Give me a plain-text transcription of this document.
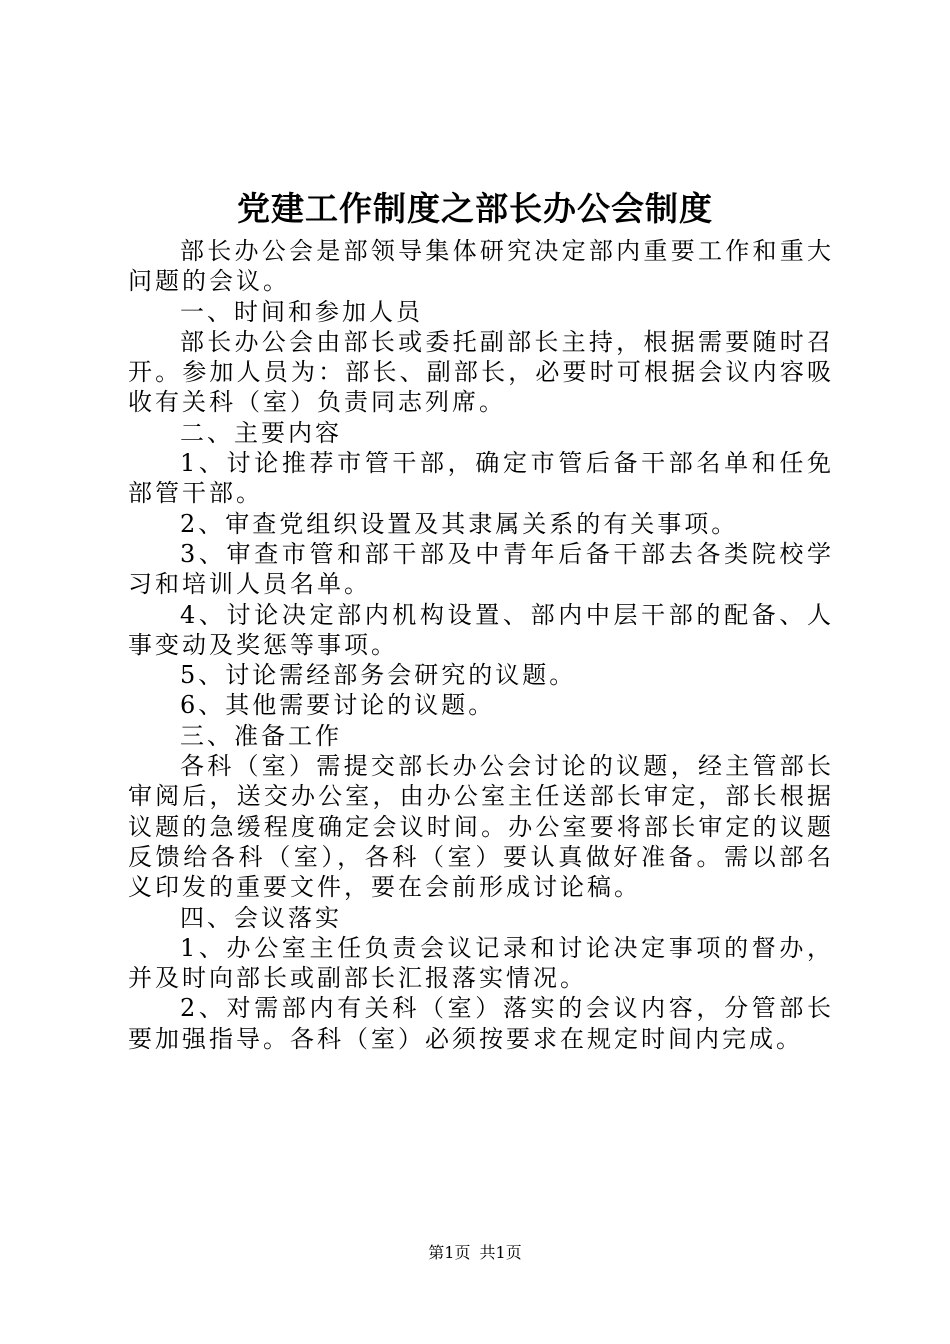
党建工作制度之部长办公会制度

部长办公会是部领导集体研究决定部内重要工作和重大问题的会议。

一、时间和参加人员

部长办公会由部长或委托副部长主持，根据需要随时召开。参加人员为：部长、副部长，必要时可根据会议内容吸收有关科（室）负责同志列席。

二、主要内容

1、讨论推荐市管干部，确定市管后备干部名单和任免部管干部。

2、审查党组织设置及其隶属关系的有关事项。

3、审查市管和部干部及中青年后备干部去各类院校学习和培训人员名单。

4、讨论决定部内机构设置、部内中层干部的配备、人事变动及奖惩等事项。

5、讨论需经部务会研究的议题。

6、其他需要讨论的议题。

三、准备工作

各科（室）需提交部长办公会讨论的议题，经主管部长审阅后，送交办公室，由办公室主任送部长审定，部长根据议题的急缓程度确定会议时间。办公室要将部长审定的议题反馈给各科（室），各科（室）要认真做好准备。需以部名义印发的重要文件，要在会前形成讨论稿。

四、会议落实

1、办公室主任负责会议记录和讨论决定事项的督办，并及时向部长或副部长汇报落实情况。

2、对需部内有关科（室）落实的会议内容，分管部长要加强指导。各科（室）必须按要求在规定时间内完成。

第1页 共1页
